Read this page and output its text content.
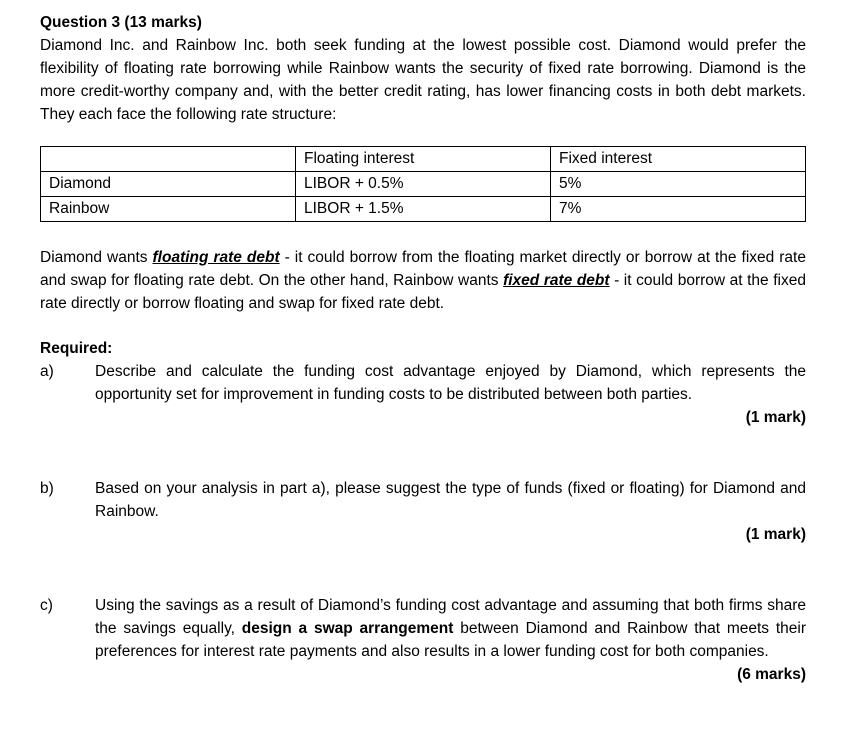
Question 3 (13 marks)

Diamond Inc. and Rainbow Inc. both seek funding at the lowest possible cost. Diamond would prefer the flexibility of floating rate borrowing while Rainbow wants the security of fixed rate borrowing. Diamond is the more credit-worthy company and, with the better credit rating, has lower financing costs in both debt markets. They each face the following rate structure:

	Floating interest	Fixed interest
Diamond	LIBOR + 0.5%	5%
Rainbow	LIBOR + 1.5%	7%

Diamond wants floating rate debt - it could borrow from the floating market directly or borrow at the fixed rate and swap for floating rate debt. On the other hand, Rainbow wants fixed rate debt - it could borrow at the fixed rate directly or borrow floating and swap for fixed rate debt.

Required:
a)	Describe and calculate the funding cost advantage enjoyed by Diamond, which represents the opportunity set for improvement in funding costs to be distributed between both parties.
(1 mark)
b)	Based on your analysis in part a), please suggest the type of funds (fixed or floating) for Diamond and Rainbow.
(1 mark)
c)	Using the savings as a result of Diamond’s funding cost advantage and assuming that both firms share the savings equally, design a swap arrangement between Diamond and Rainbow that meets their preferences for interest rate payments and also results in a lower funding cost for both companies.
(6 marks)
